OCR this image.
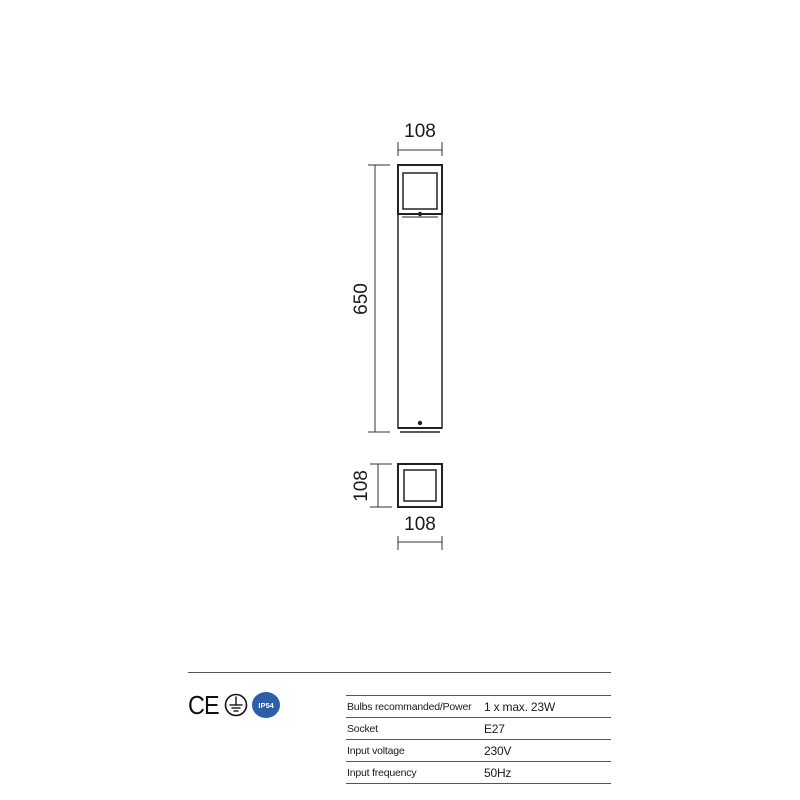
108
650
108
108
CE	IP54	Bulbs recommanded/Power	1 x max. 23W
Socket	E27
Input voltage	230V
Input frequency	50Hz
